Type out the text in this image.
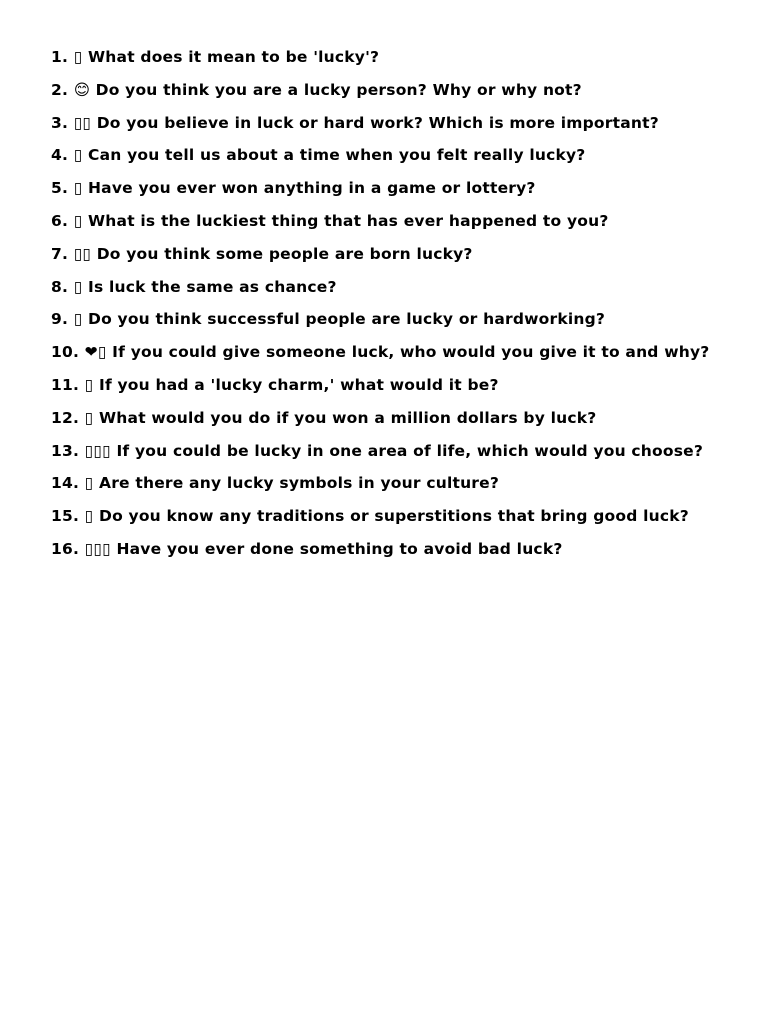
1. ▯ What does it mean to be 'lucky'?
2. 😊 Do you think you are a lucky person? Why or why not?
3. ▯▯ Do you believe in luck or hard work? Which is more important?
4. ▯ Can you tell us about a time when you felt really lucky?
5. ▯ Have you ever won anything in a game or lottery?
6. ▯ What is the luckiest thing that has ever happened to you?
7. ▯▯ Do you think some people are born lucky?
8. ▯ Is luck the same as chance?
9. ▯ Do you think successful people are lucky or hardworking?
10. ❤▯ If you could give someone luck, who would you give it to and why?
11. ▯ If you had a 'lucky charm,' what would it be?
12. ▯ What would you do if you won a million dollars by luck?
13. ▯▯▯ If you could be lucky in one area of life, which would you choose?
14. ▯ Are there any lucky symbols in your culture?
15. ▯ Do you know any traditions or superstitions that bring good luck?
16. ▯▯▯ Have you ever done something to avoid bad luck?
